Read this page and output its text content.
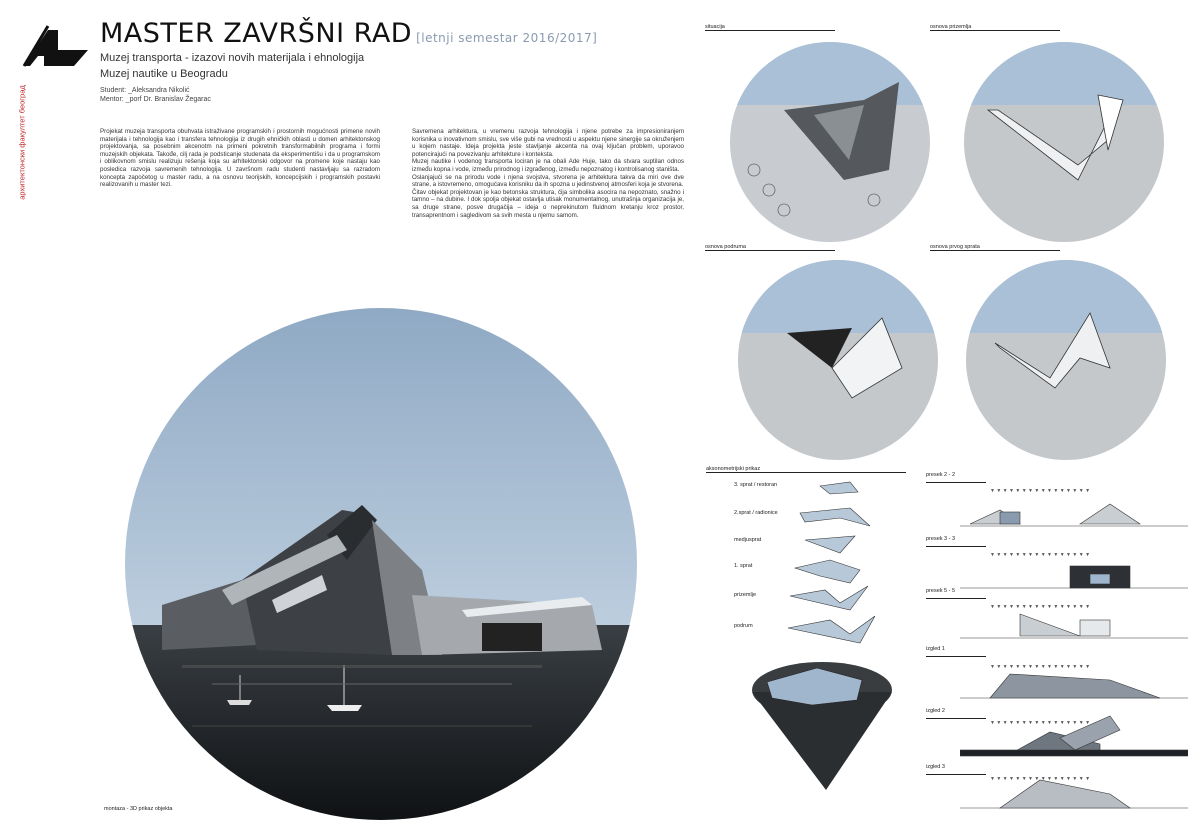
архитектонски факултет београд
MASTER ZAVRŠNI RAD [letnji semestar 2016/2017]
Muzej transporta - izazovi novih materijala i ehnologija
Muzej nautike u Beogradu
Student: _Aleksandra Nikolić
Mentor: _porf Dr. Branislav Žegarac
Projekat muzeja transporta obuhvata istraživane programskih i prostornih mogućnosti primene novih materijala i tehnologija kao i transfera tehnologija iz drugih ehničkih oblasti u domen arhitektonskog projektovanja, sa posebnim akcenotm na primeni pokretnih transformabilnih programa i formi muzejskih objekata. Takođe, cilj rada je podsticanje studenata da eksperimentišu i da u programskom i oblikovnom smislu realizuju rešenja koja su arhitektonski odgovor na promene koje nastaju kao posledica razvoja savremenih tehnologija. U završnom radu studenti nastavljaju sa razradom koncepta započetog u master radu, a na osnovu teorijskih, koncepcijskih i programskih postavki realizovanih u master tezi.
Savremena arhitektura, u vremenu razvoja tehnologija i njene potrebe za impresioniranjem korisnika u inovativnom smislu, sve više gubi na vrednosti u aspektu njene sinergije sa okruženjem u kojem nastaje. Ideja projekta jeste stavljanje akcenta na ovaj ključan problem, uporavoo potencirajući na povezivanju arhitekture i konteksta.
Muzej nautike i vodenog transporta lociran je na obali Ade Huje, tako da stvara suptilan odnos između kopna i vode, između prirodnog i izgrađenog, između nepoznatog i kontrolisanog staništa.
Oslanjajući se na prirodu vode i njena svojstva, stvorena je arhitektura takva da miri ove dve strane, a istovremeno, omogućava korisniku da ih spozna u jedinstvenoj atmosferi koja je stvorena.
Čitav objekat projektovan je kao betonska struktura, čija simbolika asocira na nepoznato, snažno i tamno – na dubine. I dok spolja objekat ostavlja utisak monumentalnog, unutrašnja organizacija je, sa druge strane, posve drugačija – ideja o neprekinutom fluidnom kretanju kroz prostor, transaprentnom i sagledivom sa svih mesta u njemu samom.
montaza - 3D prikaz objekta
situacija	osnova prizemlja
osnova podruma	osnova prvog sprata
aksonometrijski prikaz
3. sprat / restoran
2.sprat / radionice
medjusprat
1. sprat
prizemlje
podrum
presek 2 - 2
presek 3 - 3
presek 5 - 5
izgled 1
izgled 2
izgled 3
▼ ▼ ▼ ▼ ▼ ▼ ▼ ▼ ▼ ▼ ▼ ▼ ▼ ▼ ▼ ▼
▼ ▼ ▼ ▼ ▼ ▼ ▼ ▼ ▼ ▼ ▼ ▼ ▼ ▼ ▼ ▼
▼ ▼ ▼ ▼ ▼ ▼ ▼ ▼ ▼ ▼ ▼ ▼ ▼ ▼ ▼ ▼
▼ ▼ ▼ ▼ ▼ ▼ ▼ ▼ ▼ ▼ ▼ ▼ ▼ ▼ ▼ ▼
▼ ▼ ▼ ▼ ▼ ▼ ▼ ▼ ▼ ▼ ▼ ▼ ▼ ▼ ▼ ▼
▼ ▼ ▼ ▼ ▼ ▼ ▼ ▼ ▼ ▼ ▼ ▼ ▼ ▼ ▼ ▼
